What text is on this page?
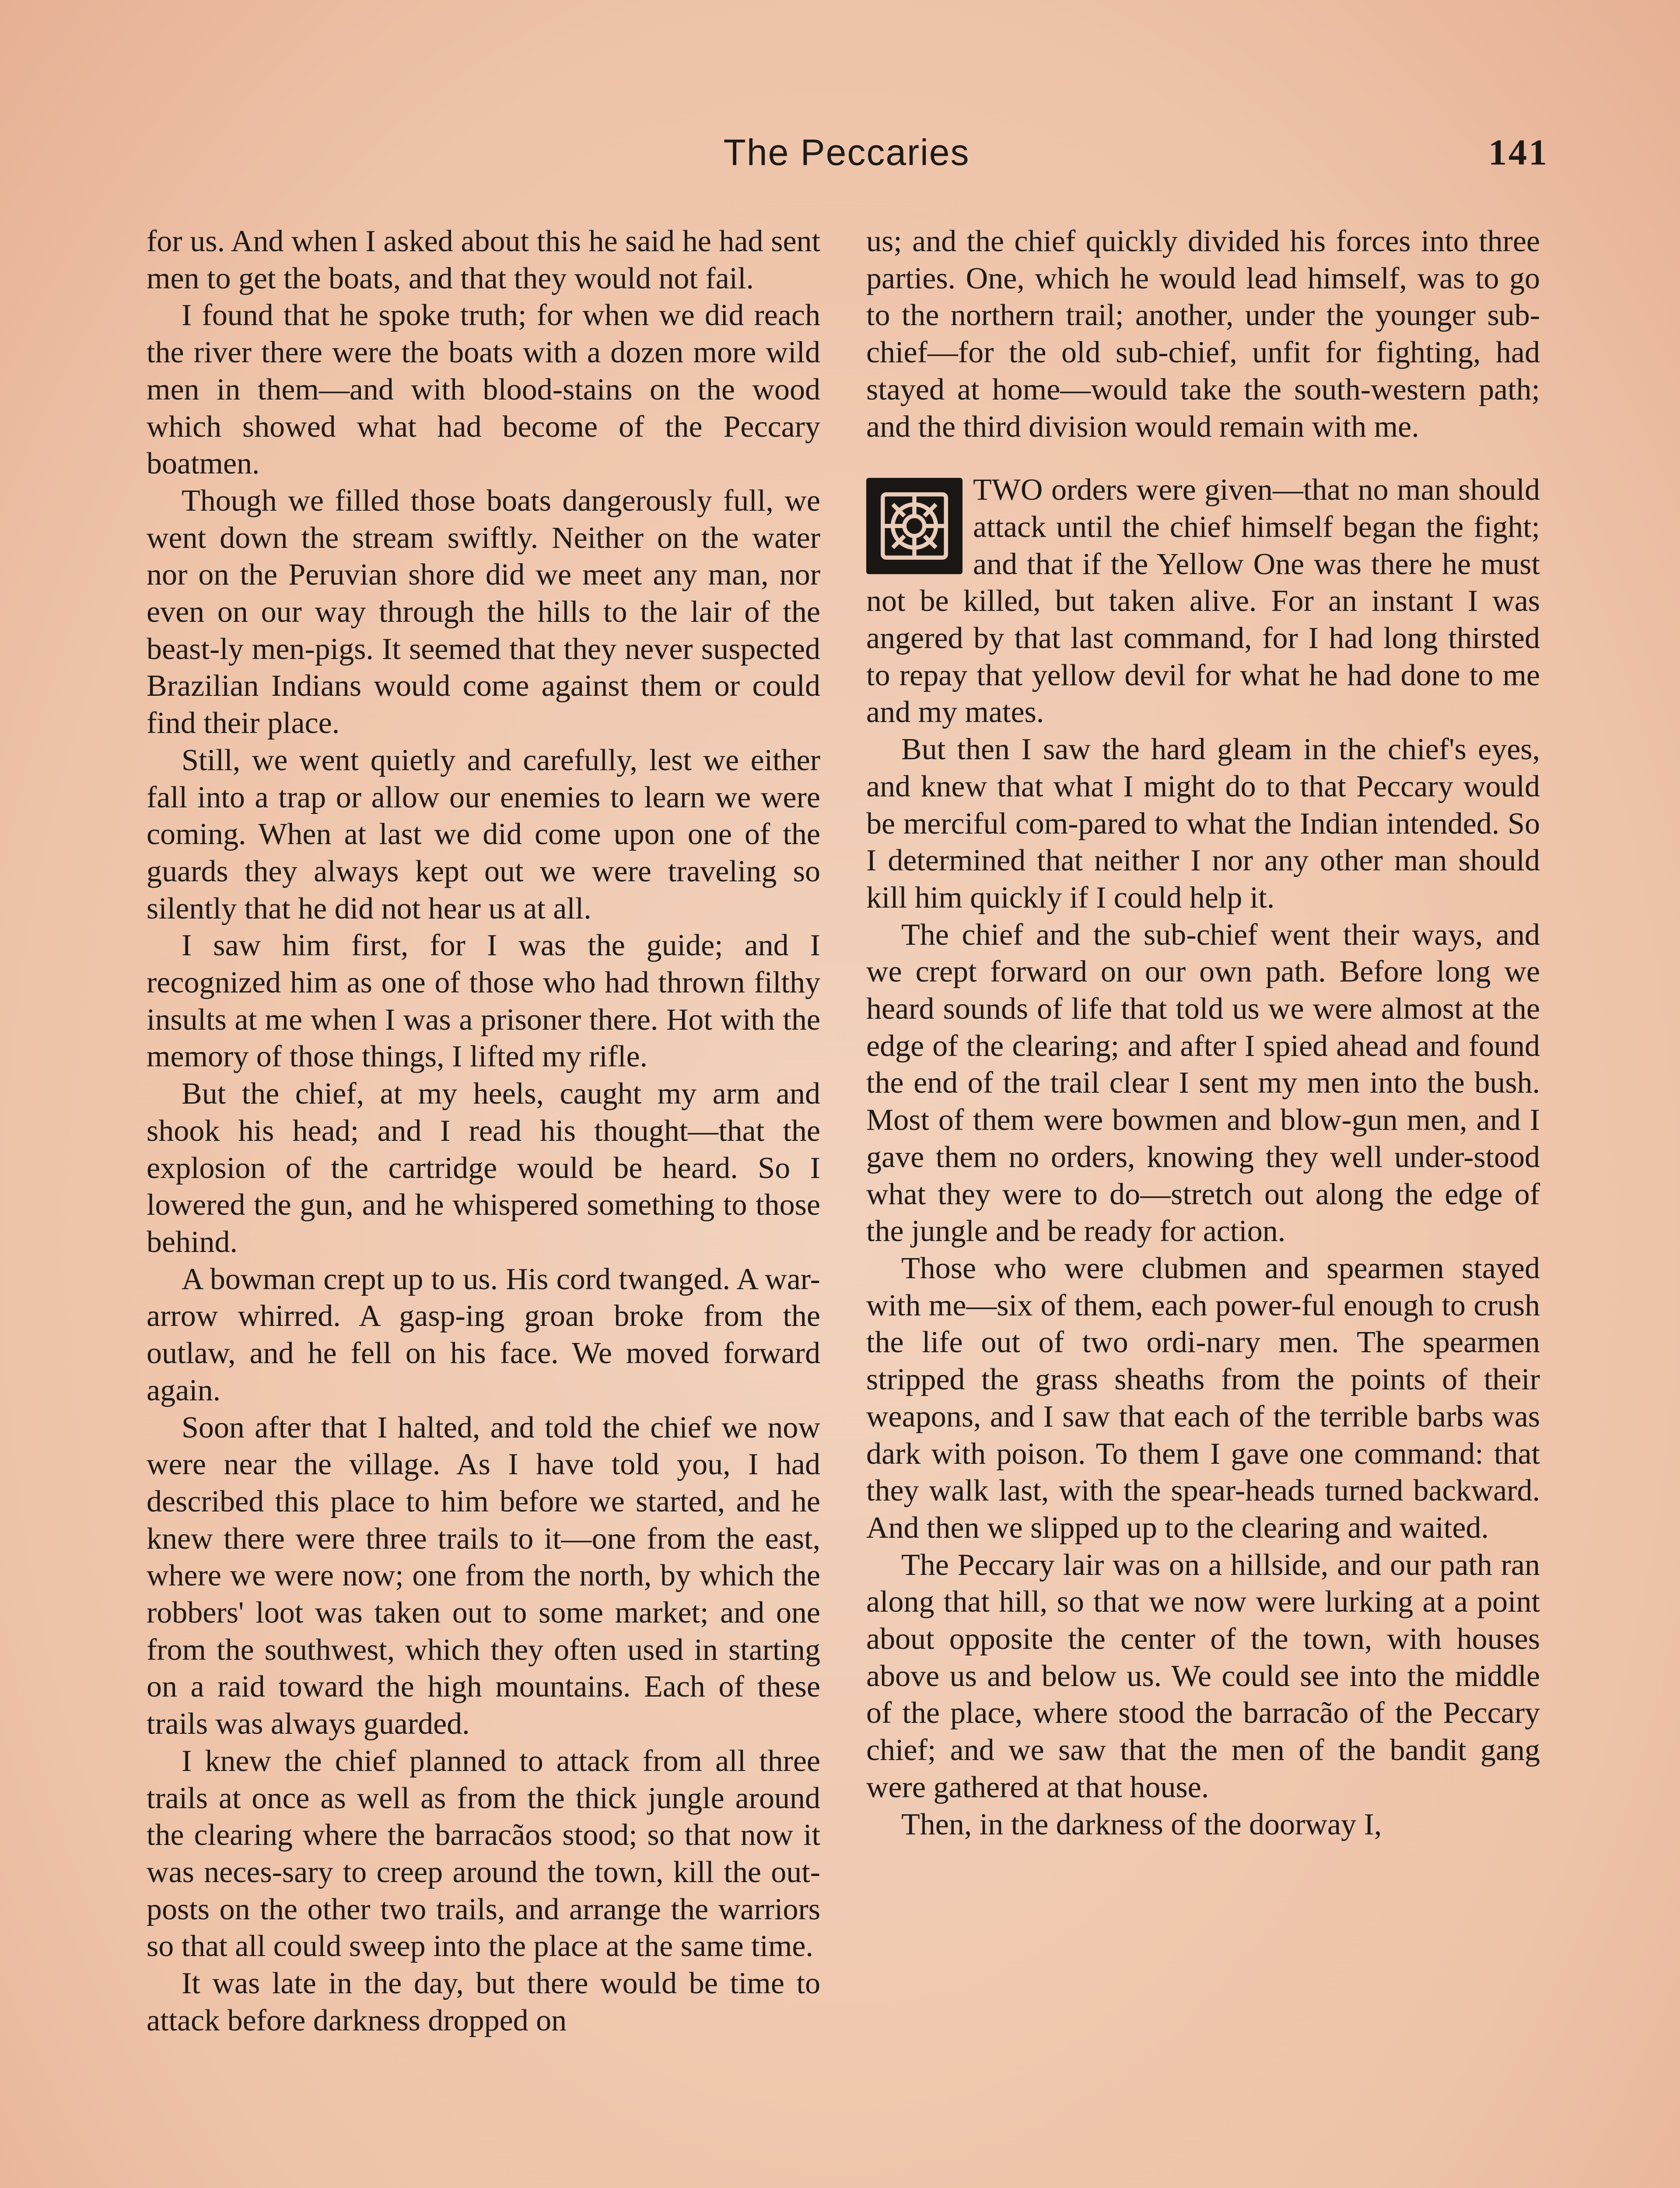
The Peccaries	141

for us. And when I asked about this he said he had sent men to get the boats, and that they would not fail.

I found that he spoke truth; for when we did reach the river there were the boats with a dozen more wild men in them—and with blood-stains on the wood which showed what had become of the Peccary boatmen.

Though we filled those boats dangerously full, we went down the stream swiftly. Neither on the water nor on the Peruvian shore did we meet any man, nor even on our way through the hills to the lair of the beast-ly men-pigs. It seemed that they never suspected Brazilian Indians would come against them or could find their place.

Still, we went quietly and carefully, lest we either fall into a trap or allow our enemies to learn we were coming. When at last we did come upon one of the guards they always kept out we were traveling so silently that he did not hear us at all.

I saw him first, for I was the guide; and I recognized him as one of those who had thrown filthy insults at me when I was a prisoner there. Hot with the memory of those things, I lifted my rifle.

But the chief, at my heels, caught my arm and shook his head; and I read his thought—that the explosion of the cartridge would be heard. So I lowered the gun, and he whispered something to those behind.

A bowman crept up to us. His cord twanged. A war-arrow whirred. A gasp-ing groan broke from the outlaw, and he fell on his face. We moved forward again.

Soon after that I halted, and told the chief we now were near the village. As I have told you, I had described this place to him before we started, and he knew there were three trails to it—one from the east, where we were now; one from the north, by which the robbers' loot was taken out to some market; and one from the southwest, which they often used in starting on a raid toward the high mountains. Each of these trails was always guarded.

I knew the chief planned to attack from all three trails at once as well as from the thick jungle around the clearing where the barracãos stood; so that now it was neces-sary to creep around the town, kill the out-posts on the other two trails, and arrange the warriors so that all could sweep into the place at the same time.

It was late in the day, but there would be time to attack before darkness dropped on

us; and the chief quickly divided his forces into three parties. One, which he would lead himself, was to go to the northern trail; another, under the younger sub-chief—for the old sub-chief, unfit for fighting, had stayed at home—would take the south-western path; and the third division would remain with me.

TWO orders were given—that no man should attack until the chief himself began the fight; and that if the Yellow One was there he must not be killed, but taken alive. For an instant I was angered by that last command, for I had long thirsted to repay that yellow devil for what he had done to me and my mates.

But then I saw the hard gleam in the chief's eyes, and knew that what I might do to that Peccary would be merciful com-pared to what the Indian intended. So I determined that neither I nor any other man should kill him quickly if I could help it.

The chief and the sub-chief went their ways, and we crept forward on our own path. Before long we heard sounds of life that told us we were almost at the edge of the clearing; and after I spied ahead and found the end of the trail clear I sent my men into the bush. Most of them were bowmen and blow-gun men, and I gave them no orders, knowing they well under-stood what they were to do—stretch out along the edge of the jungle and be ready for action.

Those who were clubmen and spearmen stayed with me—six of them, each power-ful enough to crush the life out of two ordi-nary men. The spearmen stripped the grass sheaths from the points of their weapons, and I saw that each of the terrible barbs was dark with poison. To them I gave one command: that they walk last, with the spear-heads turned backward. And then we slipped up to the clearing and waited.

The Peccary lair was on a hillside, and our path ran along that hill, so that we now were lurking at a point about opposite the center of the town, with houses above us and below us. We could see into the middle of the place, where stood the barracão of the Peccary chief; and we saw that the men of the bandit gang were gathered at that house.

Then, in the darkness of the doorway I,
